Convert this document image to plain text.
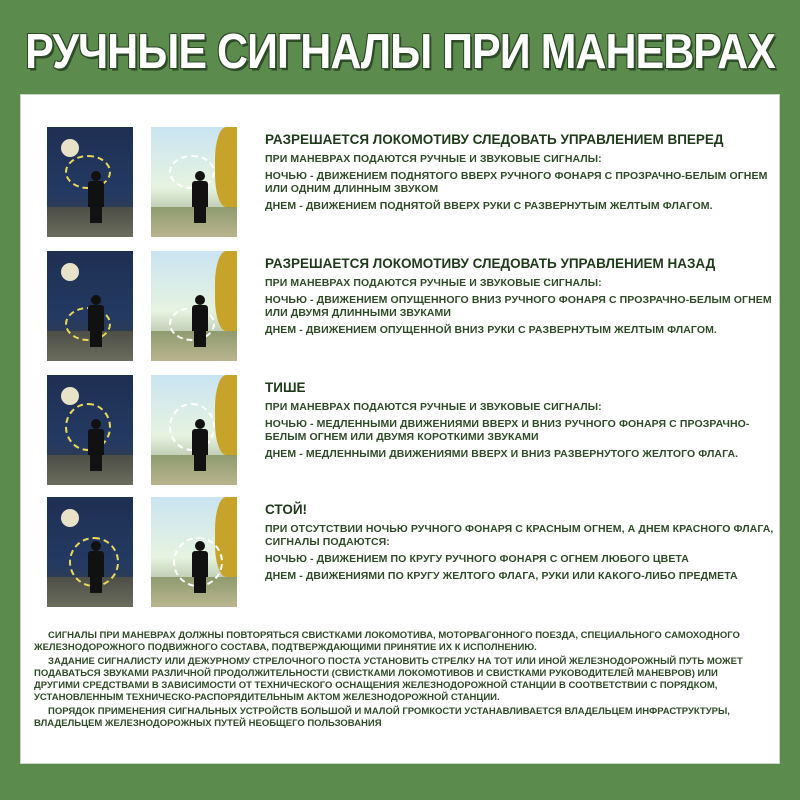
РУЧНЫЕ СИГНАЛЫ ПРИ МАНЕВРАХ
РАЗРЕШАЕТСЯ ЛОКОМОТИВУ СЛЕДОВАТЬ УПРАВЛЕНИЕМ ВПЕРЕД
ПРИ МАНЕВРАХ ПОДАЮТСЯ РУЧНЫЕ И ЗВУКОВЫЕ СИГНАЛЫ:
НОЧЬЮ - ДВИЖЕНИЕМ ПОДНЯТОГО ВВЕРХ РУЧНОГО ФОНАРЯ С ПРОЗРАЧНО-БЕЛЫМ ОГНЕМ ИЛИ ОДНИМ ДЛИННЫМ ЗВУКОМ
ДНЕМ - ДВИЖЕНИЕМ ПОДНЯТОЙ ВВЕРХ РУКИ С РАЗВЕРНУТЫМ ЖЕЛТЫМ ФЛАГОМ.
РАЗРЕШАЕТСЯ ЛОКОМОТИВУ СЛЕДОВАТЬ УПРАВЛЕНИЕМ НАЗАД
ПРИ МАНЕВРАХ ПОДАЮТСЯ РУЧНЫЕ И ЗВУКОВЫЕ СИГНАЛЫ:
НОЧЬЮ - ДВИЖЕНИЕМ ОПУЩЕННОГО ВНИЗ РУЧНОГО ФОНАРЯ С ПРОЗРАЧНО-БЕЛЫМ ОГНЕМ ИЛИ ДВУМЯ ДЛИННЫМИ ЗВУКАМИ
ДНЕМ - ДВИЖЕНИЕМ ОПУЩЕННОЙ ВНИЗ РУКИ С РАЗВЕРНУТЫМ ЖЕЛТЫМ ФЛАГОМ.
ТИШЕ
ПРИ МАНЕВРАХ ПОДАЮТСЯ РУЧНЫЕ И ЗВУКОВЫЕ СИГНАЛЫ:
НОЧЬЮ - МЕДЛЕННЫМИ ДВИЖЕНИЯМИ ВВЕРХ И ВНИЗ РУЧНОГО ФОНАРЯ С ПРОЗРАЧНО-БЕЛЫМ ОГНЕМ ИЛИ ДВУМЯ КОРОТКИМИ ЗВУКАМИ
ДНЕМ - МЕДЛЕННЫМИ ДВИЖЕНИЯМИ ВВЕРХ И ВНИЗ РАЗВЕРНУТОГО ЖЕЛТОГО ФЛАГА.
СТОЙ!
ПРИ ОТСУТСТВИИ НОЧЬЮ РУЧНОГО ФОНАРЯ С КРАСНЫМ ОГНЕМ, А ДНЕМ КРАСНОГО ФЛАГА, СИГНАЛЫ ПОДАЮТСЯ:
НОЧЬЮ - ДВИЖЕНИЕМ ПО КРУГУ РУЧНОГО ФОНАРЯ С ОГНЕМ ЛЮБОГО ЦВЕТА
ДНЕМ - ДВИЖЕНИЯМИ ПО КРУГУ ЖЕЛТОГО ФЛАГА, РУКИ ИЛИ КАКОГО-ЛИБО ПРЕДМЕТА

СИГНАЛЫ ПРИ МАНЕВРАХ ДОЛЖНЫ ПОВТОРЯТЬСЯ СВИСТКАМИ ЛОКОМОТИВА, МОТОРВАГОННОГО ПОЕЗДА, СПЕЦИАЛЬНОГО САМОХОДНОГО ЖЕЛЕЗНОДОРОЖНОГО ПОДВИЖНОГО СОСТАВА, ПОДТВЕРЖДАЮЩИМИ ПРИНЯТИЕ ИХ К ИСПОЛНЕНИЮ.

ЗАДАНИЕ СИГНАЛИСТУ ИЛИ ДЕЖУРНОМУ СТРЕЛОЧНОГО ПОСТА УСТАНОВИТЬ СТРЕЛКУ НА ТОТ ИЛИ ИНОЙ ЖЕЛЕЗНОДОРОЖНЫЙ ПУТЬ МОЖЕТ ПОДАВАТЬСЯ ЗВУКАМИ РАЗЛИЧНОЙ ПРОДОЛЖИТЕЛЬНОСТИ (СВИСТКАМИ ЛОКОМОТИВОВ И СВИСТКАМИ РУКОВОДИТЕЛЕЙ МАНЕВРОВ) ИЛИ ДРУГИМИ СРЕДСТВАМИ В ЗАВИСИМОСТИ ОТ ТЕХНИЧЕСКОГО ОСНАЩЕНИЯ ЖЕЛЕЗНОДОРОЖНОЙ СТАНЦИИ В СООТВЕТСТВИИ С ПОРЯДКОМ, УСТАНОВЛЕННЫМ ТЕХНИЧЕСКО-РАСПОРЯДИТЕЛЬНЫМ АКТОМ ЖЕЛЕЗНОДОРОЖНОЙ СТАНЦИИ.

ПОРЯДОК ПРИМЕНЕНИЯ СИГНАЛЬНЫХ УСТРОЙСТВ БОЛЬШОЙ И МАЛОЙ ГРОМКОСТИ УСТАНАВЛИВАЕТСЯ ВЛАДЕЛЬЦЕМ ИНФРАСТРУКТУРЫ, ВЛАДЕЛЬЦЕМ ЖЕЛЕЗНОДОРОЖНЫХ ПУТЕЙ НЕОБЩЕГО ПОЛЬЗОВАНИЯ
